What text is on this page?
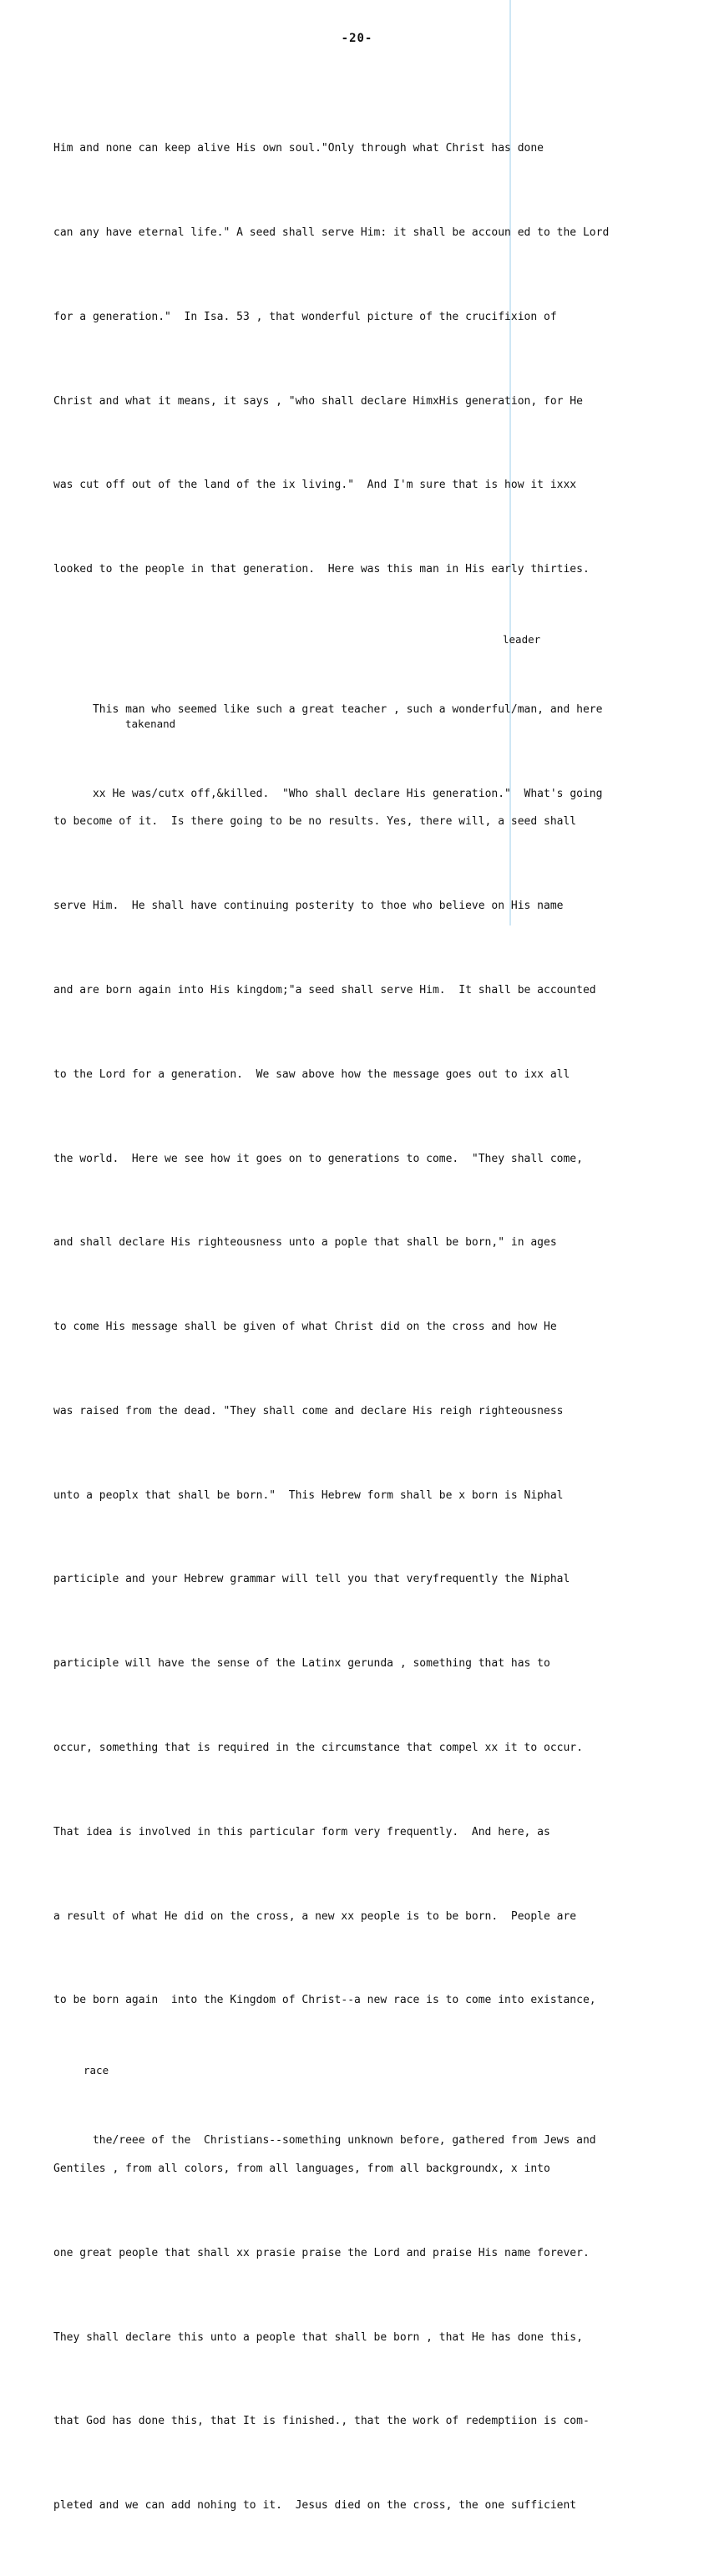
-20-

Him and none can keep alive His own soul."Only through what Christ has done

can any have eternal life." A seed shall serve Him: it shall be accoun ed to the Lord

for a generation."  In Isa. 53 , that wonderful picture of the crucifixion of

Christ and what it means, it says , "who shall declare HimxHis generation, for He

was cut off out of the land of the ix living."  And I'm sure that is how it ixxx

looked to the people in that generation.  Here was this man in His early thirties.

leader

This man who seemed like such a great teacher , such a wonderful/man, and here

takenand

xx He was/cutx off,&killed.  "Who shall declare His generation."  What's going

to become of it.  Is there going to be no results. Yes, there will, a seed shall

serve Him.  He shall have continuing posterity to thoe who believe on His name

and are born again into His kingdom;"a seed shall serve Him.  It shall be accounted

to the Lord for a generation.  We saw above how the message goes out to ixx all

the world.  Here we see how it goes on to generations to come.  "They shall come,

and shall declare His righteousness unto a pople that shall be born," in ages

to come His message shall be given of what Christ did on the cross and how He

was raised from the dead. "They shall come and declare His reigh righteousness

unto a peoplx that shall be born."  This Hebrew form shall be x born is Niphal

participle and your Hebrew grammar will tell you that veryfrequently the Niphal

participle will have the sense of the Latinx gerunda , something that has to

occur, something that is required in the circumstance that compel xx it to occur.

That idea is involved in this particular form very frequently.  And here, as

a result of what He did on the cross, a new xx people is to be born.  People are

to be born again  into the Kingdom of Christ--a new race is to come into existance,

race

the/reee of the  Christians--something unknown before, gathered from Jews and

Gentiles , from all colors, from all languages, from all backgroundx, x into

one great people that shall xx prasie praise the Lord and praise His name forever.

They shall declare this unto a people that shall be born , that He has done this,

that God has done this, that It is finished., that the work of redemptiion is com-

pleted and we can add nohing to it.  Jesus died on the cross, the one sufficient
